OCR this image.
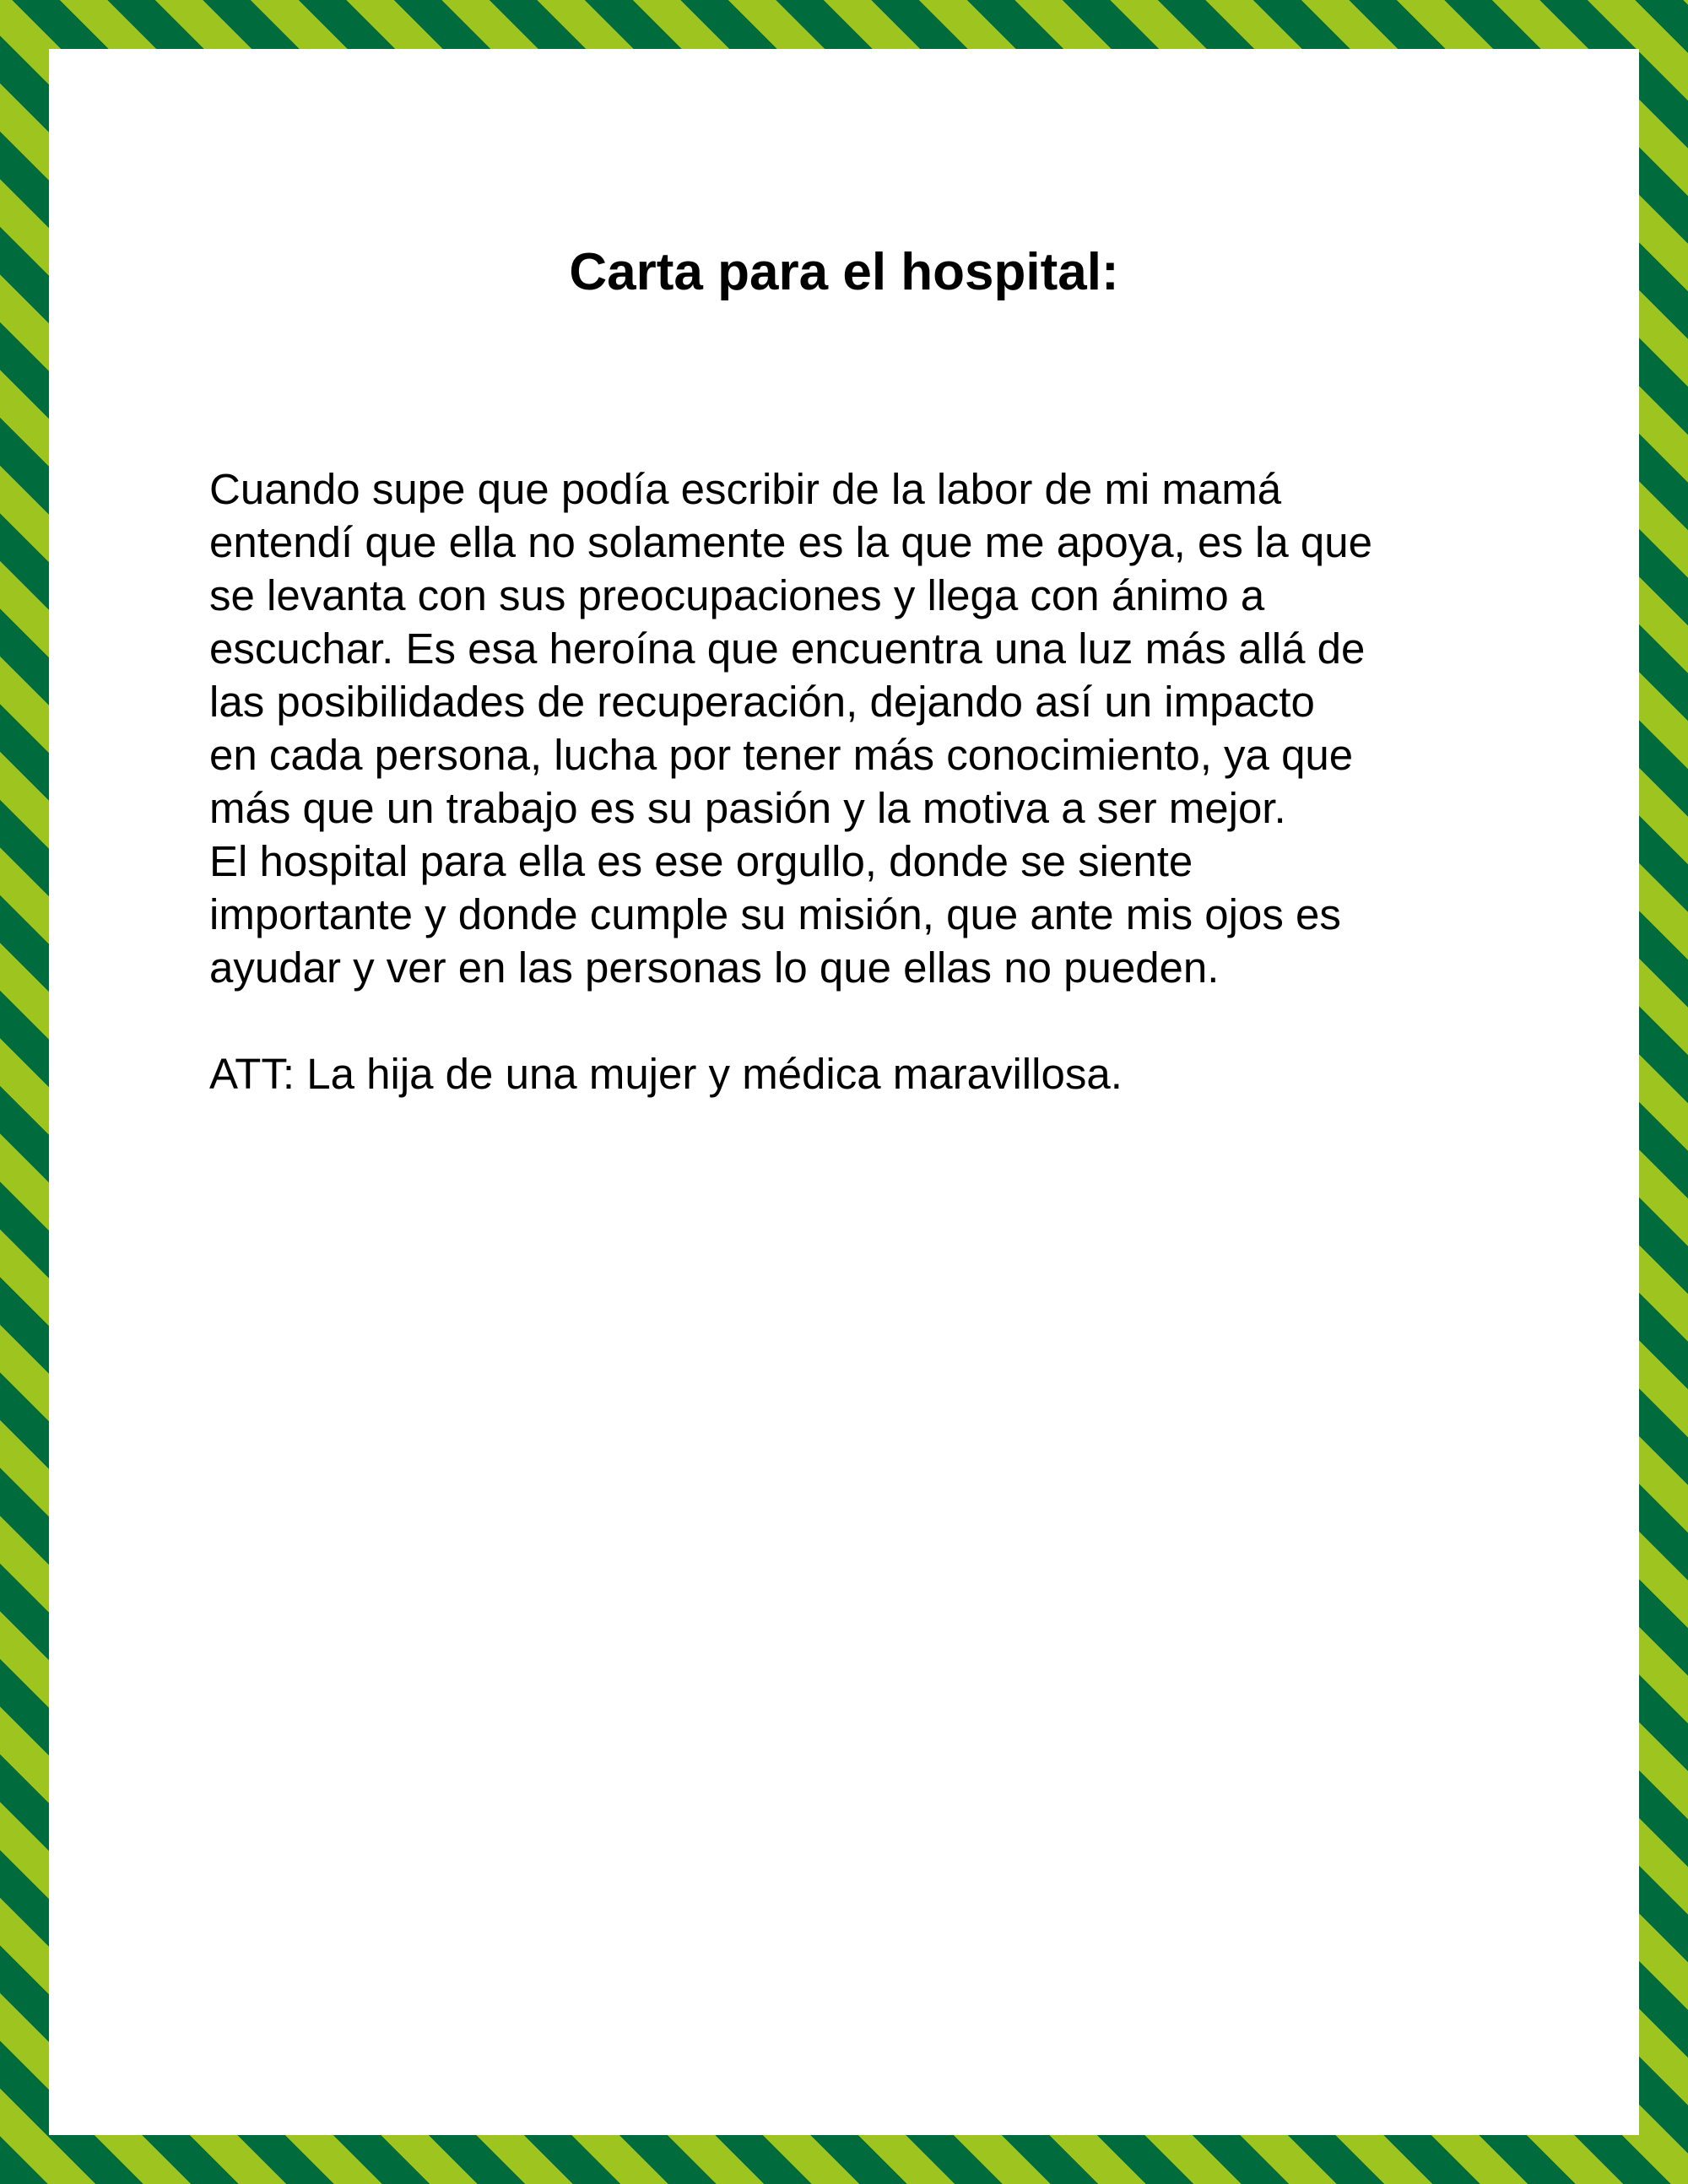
Carta para el hospital:

Cuando supe que podía escribir de la labor de mi mamá

entendí que ella no solamente es la que me apoya, es la que

se levanta con sus preocupaciones y llega con ánimo a

escuchar. Es esa heroína que encuentra una luz más allá de

las posibilidades de recuperación, dejando así un impacto

en cada persona, lucha por tener más conocimiento, ya que

más que un trabajo es su pasión y la motiva a ser mejor.

El hospital para ella es ese orgullo, donde se siente

importante y donde cumple su misión, que ante mis ojos es

ayudar y ver en las personas lo que ellas no pueden.

ATT: La hija de una mujer y médica maravillosa.
